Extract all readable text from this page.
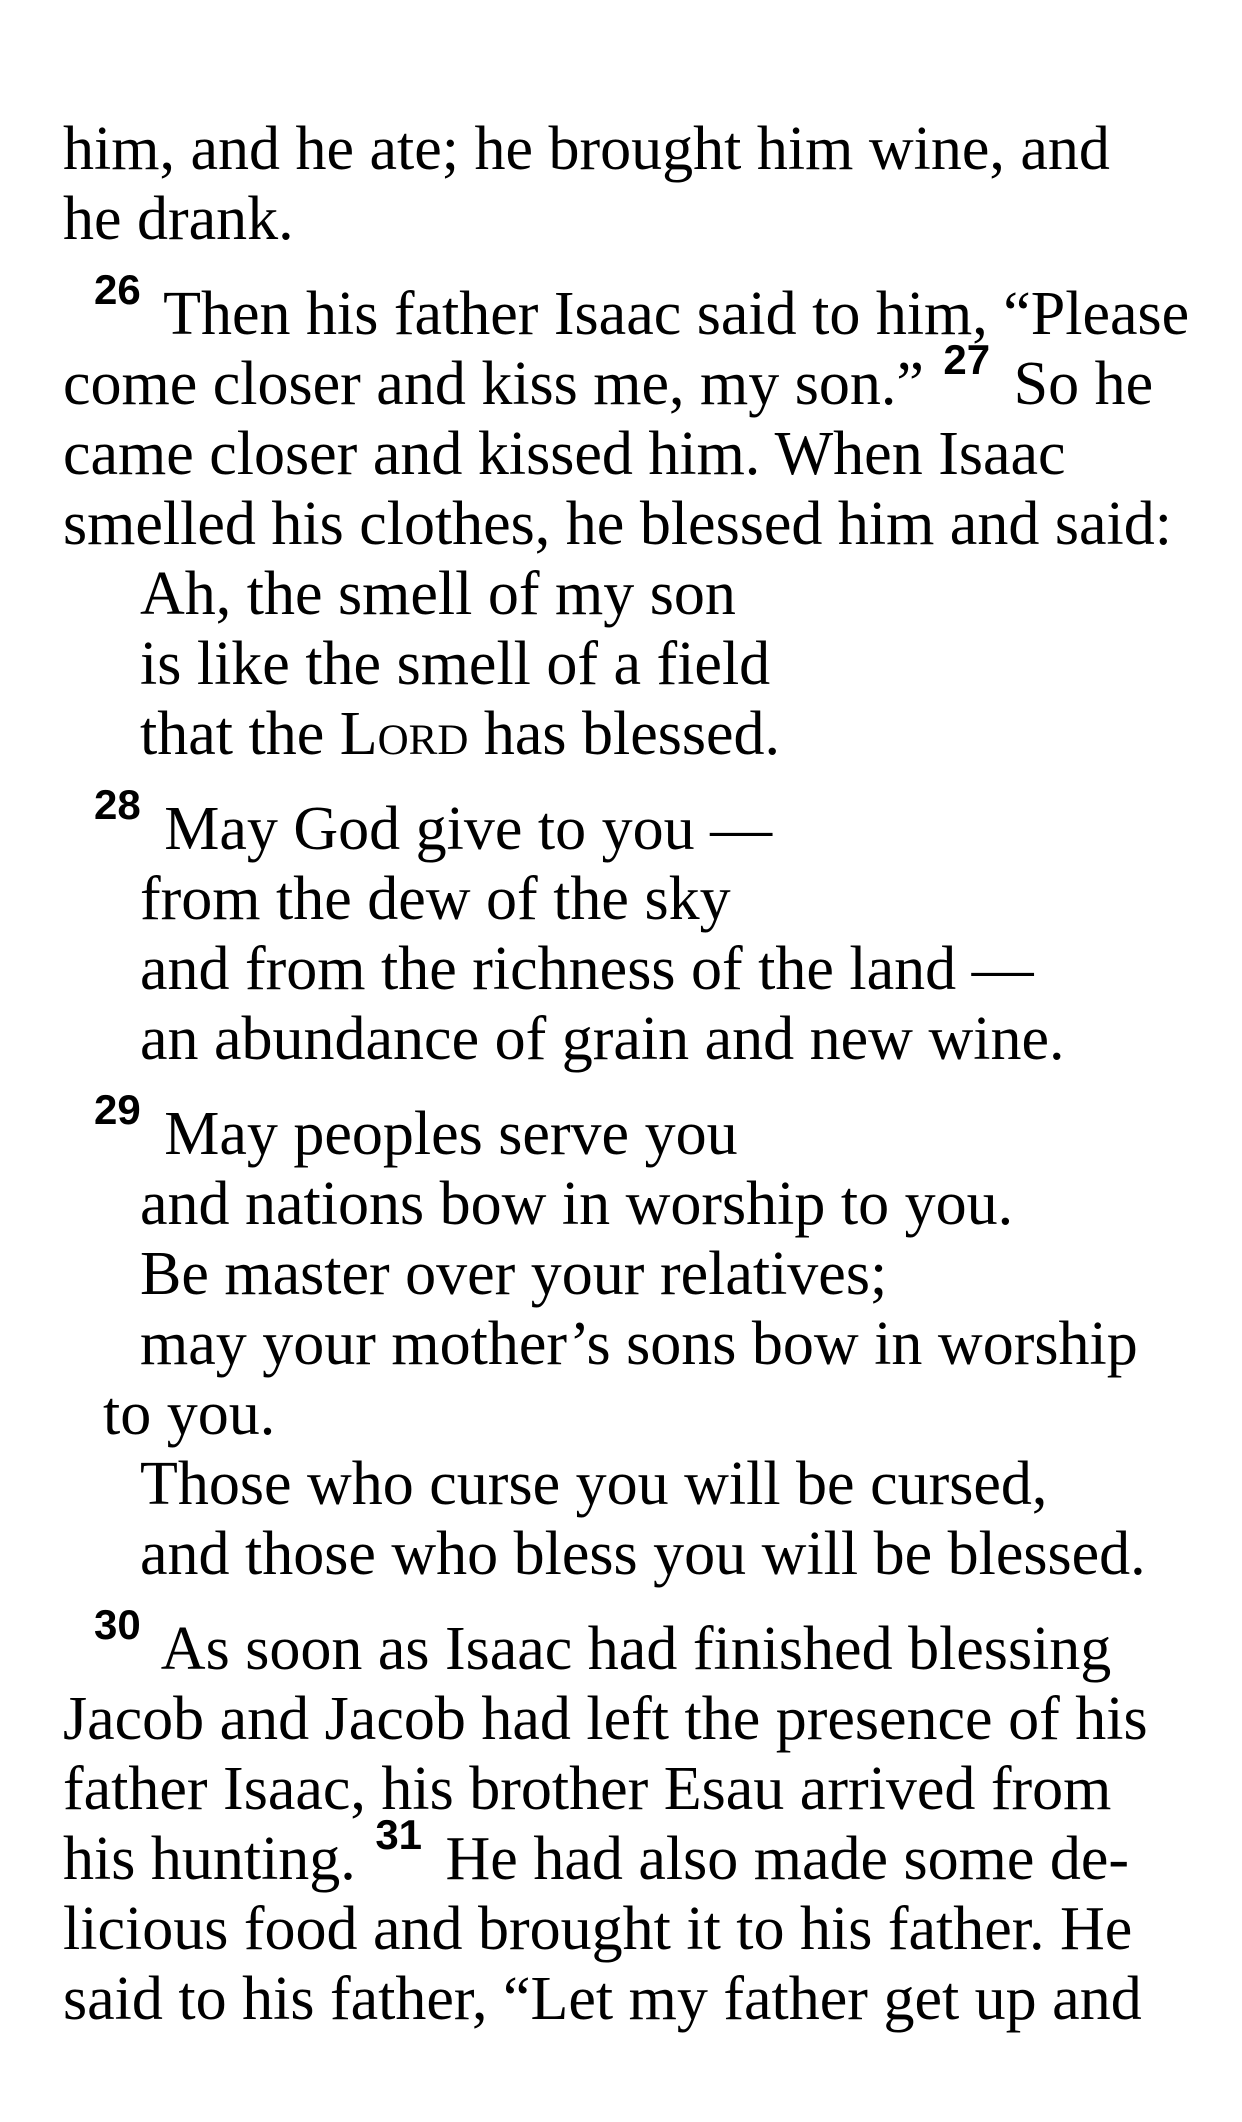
him, and he ate; he brought him wine, and
he drank.
$^{26}$ Then his father Isaac said to him, “Please
come closer and kiss me, my son.” $^{27}$ So he
came closer and kissed him. When Isaac
smelled his clothes, he blessed him and said:
Ah, the smell of my son
is like the smell of a field
that the Lord has blessed.
$^{28}$ May God give to you —
from the dew of the sky
and from the richness of the land —
an abundance of grain and new wine.
$^{29}$ May peoples serve you
and nations bow in worship to you.
Be master over your relatives;
may your mother’s sons bow in worship
to you.
Those who curse you will be cursed,
and those who bless you will be blessed.
$^{30}$ As soon as Isaac had finished blessing
Jacob and Jacob had left the presence of his
father Isaac, his brother Esau arrived from
his hunting. $^{31}$ He had also made some de-
licious food and brought it to his father. He
said to his father, “Let my father get up and
